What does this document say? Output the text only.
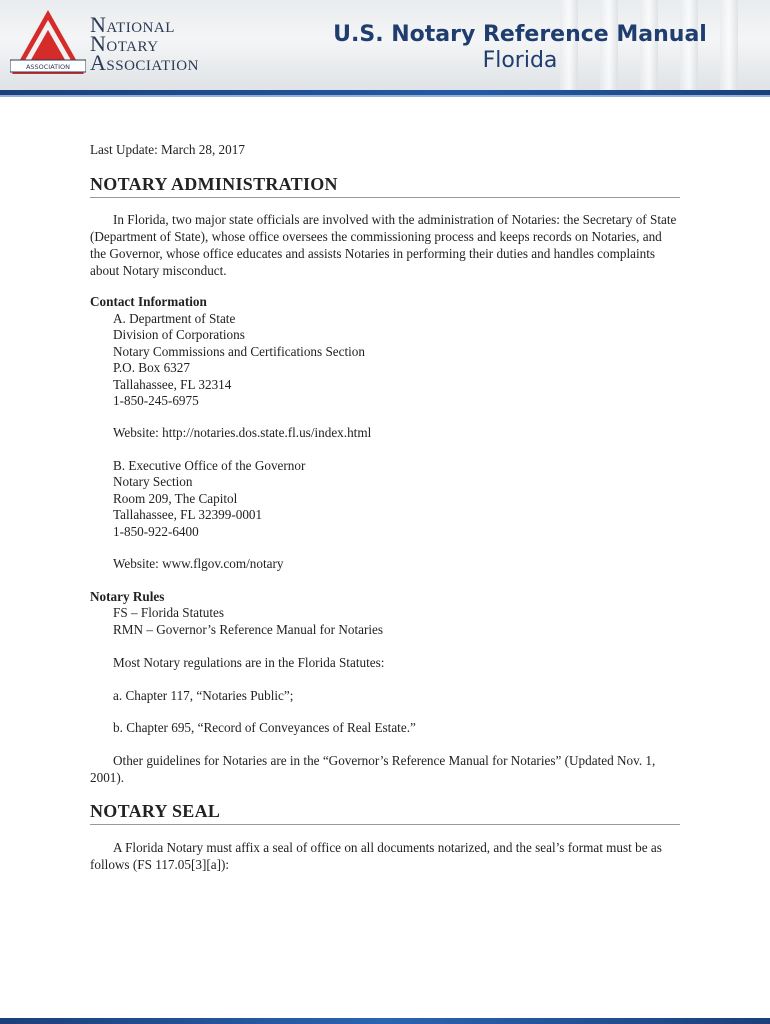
ASSOCIATION
National
Notary
Association
U.S. Notary Reference Manual
Florida
Last Update: March 28, 2017
NOTARY ADMINISTRATION

In Florida, two major state officials are involved with the administration of Notaries: the Secretary of State (Department of State), whose office oversees the commissioning process and keeps records on Notaries, and the Governor, whose office educates and assists Notaries in performing their duties and handles complaints about Notary misconduct.

Contact Information
A. Department of State
Division of Corporations
Notary Commissions and Certifications Section
P.O. Box 6327
Tallahassee, FL 32314
1-850-245-6975
Website: http://notaries.dos.state.fl.us/index.html
B. Executive Office of the Governor
Notary Section
Room 209, The Capitol
Tallahassee, FL 32399-0001
1-850-922-6400
Website: www.flgov.com/notary
Notary Rules
FS – Florida Statutes
RMN – Governor’s Reference Manual for Notaries
Most Notary regulations are in the Florida Statutes:
a. Chapter 117, “Notaries Public”;
b. Chapter 695, “Record of Conveyances of Real Estate.”

Other guidelines for Notaries are in the “Governor’s Reference Manual for Notaries” (Updated Nov. 1, 2001).

NOTARY SEAL

A Florida Notary must affix a seal of office on all documents notarized, and the seal’s format must be as follows (FS 117.05[3][a]):
